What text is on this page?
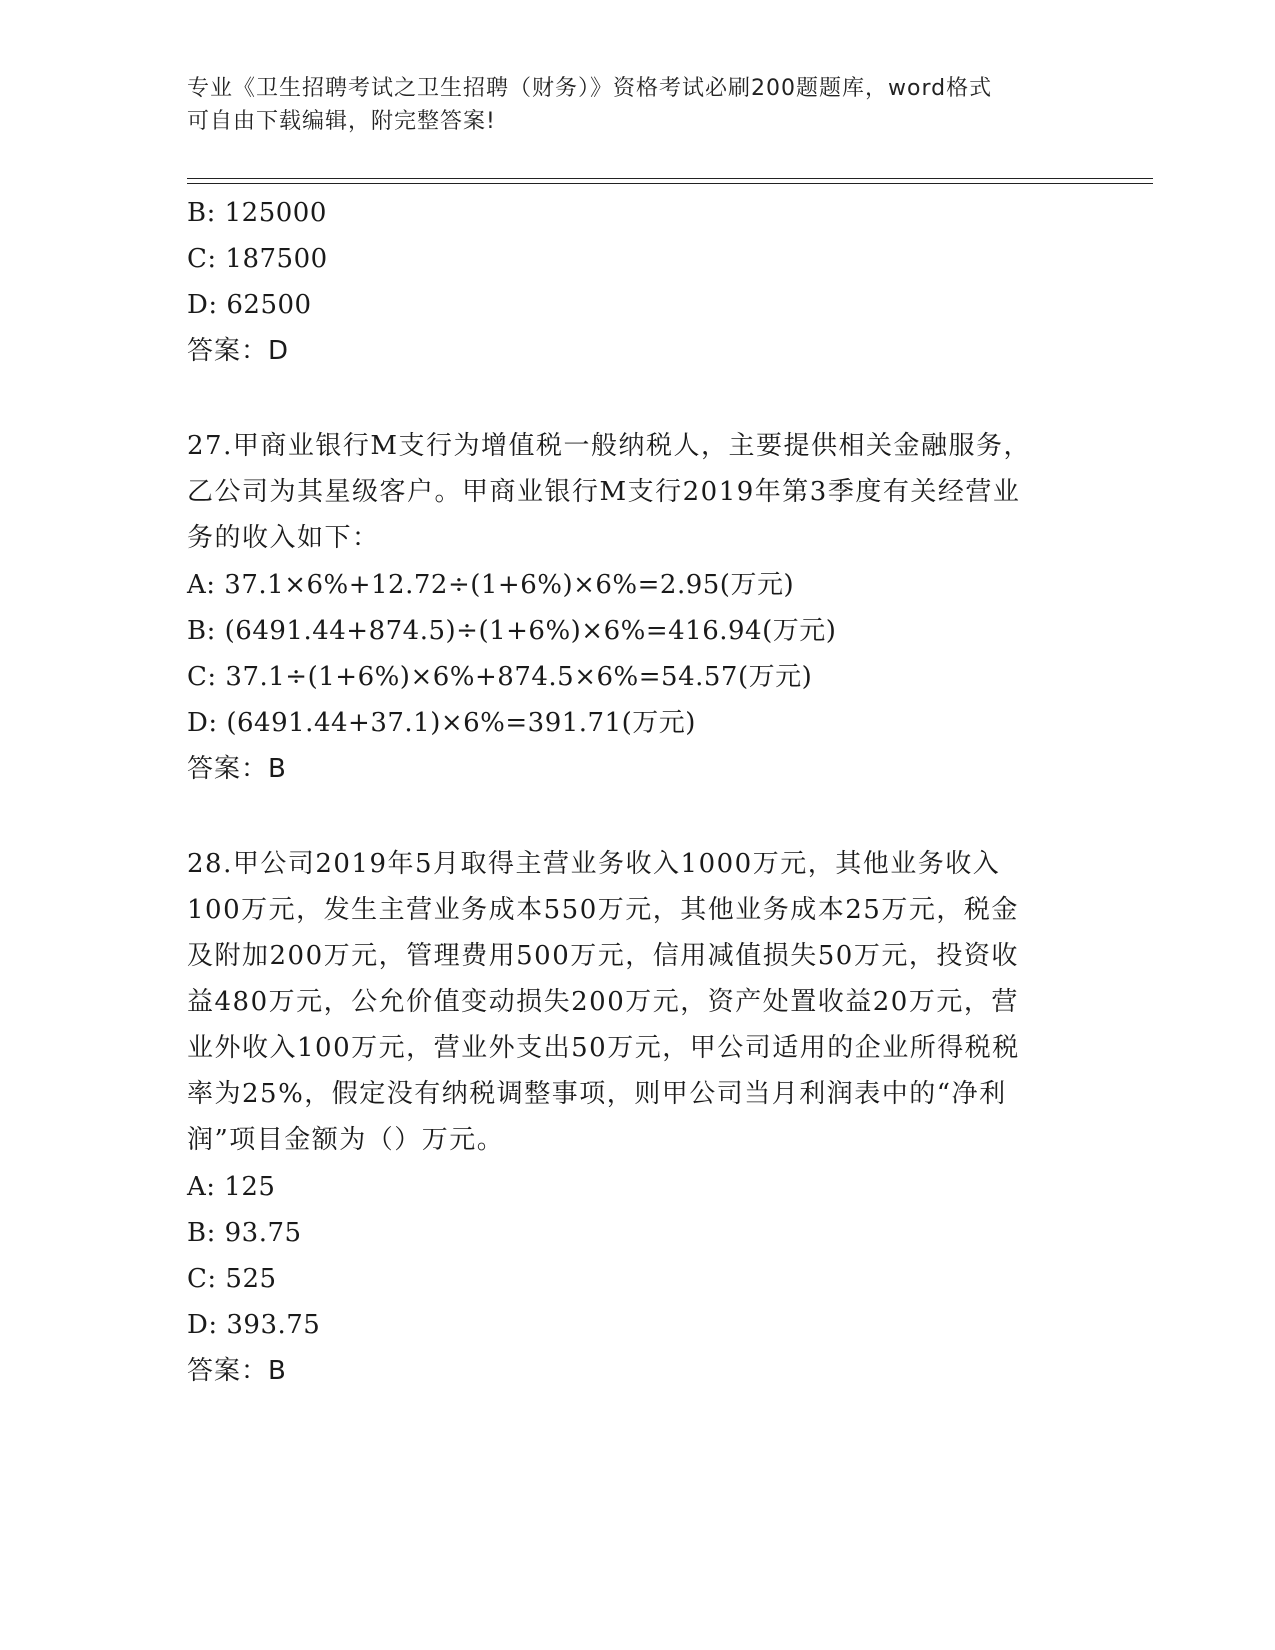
专业《卫生招聘考试之卫生招聘（财务）》资格考试必刷200题题库，word格式
可自由下载编辑，附完整答案!
B: 125000
C: 187500
D: 62500
答案：D
27.甲商业银行M支行为增值税一般纳税人，主要提供相关金融服务，
乙公司为其星级客户。甲商业银行M支行2019年第3季度有关经营业
务的收入如下：
A: 37.1×6%+12.72÷(1+6%)×6%=2.95(万元)
B: (6491.44+874.5)÷(1+6%)×6%=416.94(万元)
C: 37.1÷(1+6%)×6%+874.5×6%=54.57(万元)
D: (6491.44+37.1)×6%=391.71(万元)
答案：B
28.甲公司2019年5月取得主营业务收入1000万元，其他业务收入
100万元，发生主营业务成本550万元，其他业务成本25万元，税金
及附加200万元，管理费用500万元，信用减值损失50万元，投资收
益480万元，公允价值变动损失200万元，资产处置收益20万元，营
业外收入100万元，营业外支出50万元，甲公司适用的企业所得税税
率为25%，假定没有纳税调整事项，则甲公司当月利润表中的“净利
润”项目金额为（）万元。
A: 125
B: 93.75
C: 525
D: 393.75
答案：B
